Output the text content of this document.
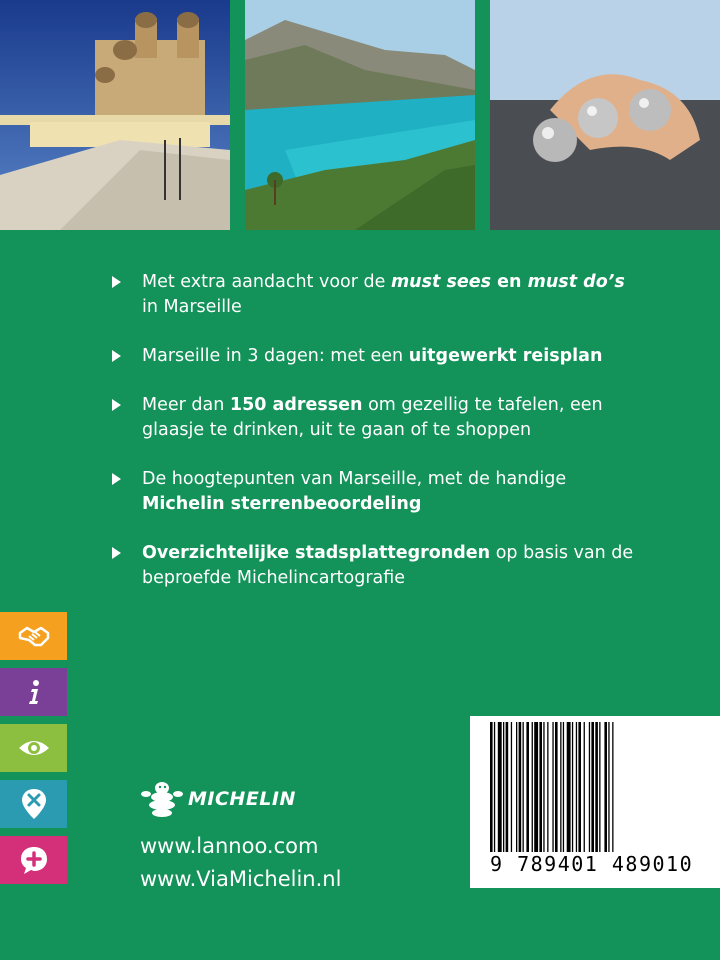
Met extra aandacht voor de must sees en must do’s
in Marseille
Marseille in 3 dagen: met een uitgewerkt reisplan
Meer dan 150 adressen om gezellig te tafelen, een glaasje te drinken, uit te gaan of te shoppen
De hoogtepunten van Marseille, met de handige
Michelin sterrenbeoordeling
Overzichtelijke stadsplattegronden op basis van de beproefde Michelincartografie
MICHELIN
www.lannoo.com
www.ViaMichelin.nl
9 789401 489010
